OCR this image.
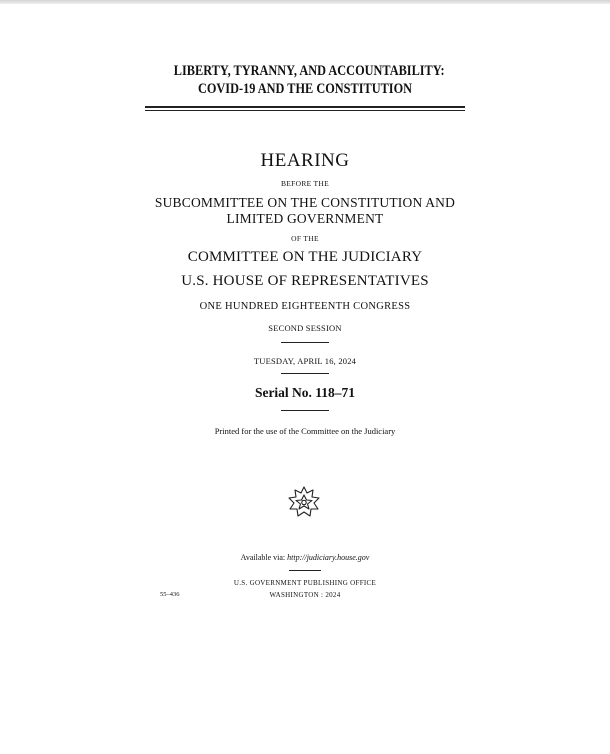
LIBERTY, TYRANNY, AND ACCOUNTABILITY:
COVID-19 AND THE CONSTITUTION
HEARING
BEFORE THE
SUBCOMMITTEE ON THE CONSTITUTION AND
LIMITED GOVERNMENT
OF THE
COMMITTEE ON THE JUDICIARY
U.S. HOUSE OF REPRESENTATIVES
ONE HUNDRED EIGHTEENTH CONGRESS
SECOND SESSION
TUESDAY, APRIL 16, 2024
Serial No. 118–71
Printed for the use of the Committee on the Judiciary
Available via: http://judiciary.house.gov
U.S. GOVERNMENT PUBLISHING OFFICE
WASHINGTON : 2024
55–436
